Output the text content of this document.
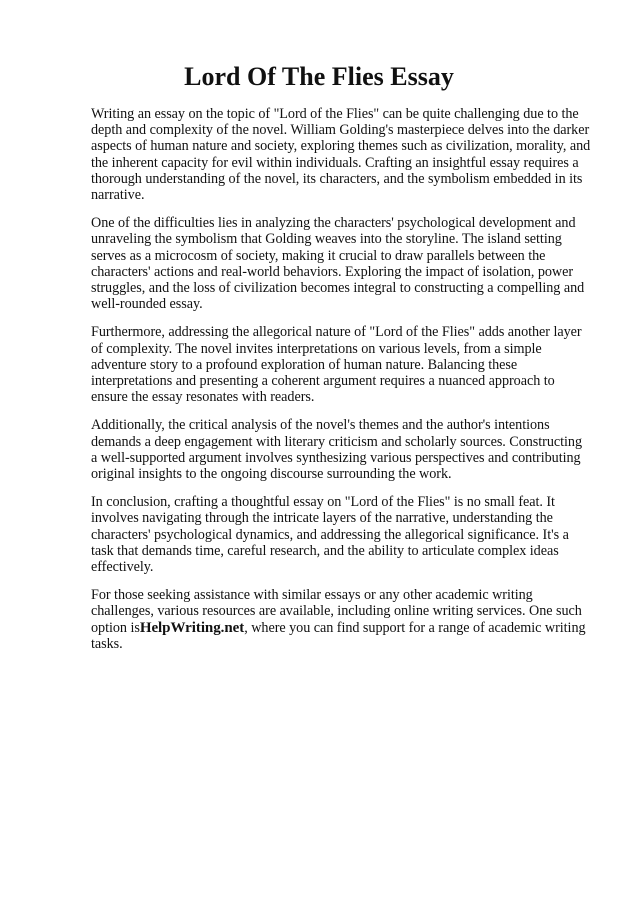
Lord Of The Flies Essay

Writing an essay on the topic of "Lord of the Flies" can be quite challenging due to the depth and complexity of the novel. William Golding's masterpiece delves into the darker aspects of human nature and society, exploring themes such as civilization, morality, and the inherent capacity for evil within individuals. Crafting an insightful essay requires a thorough understanding of the novel, its characters, and the symbolism embedded in its narrative.

One of the difficulties lies in analyzing the characters' psychological development and unraveling the symbolism that Golding weaves into the storyline. The island setting serves as a microcosm of society, making it crucial to draw parallels between the characters' actions and real-world behaviors. Exploring the impact of isolation, power struggles, and the loss of civilization becomes integral to constructing a compelling and well-rounded essay.

Furthermore, addressing the allegorical nature of "Lord of the Flies" adds another layer of complexity. The novel invites interpretations on various levels, from a simple adventure story to a profound exploration of human nature. Balancing these interpretations and presenting a coherent argument requires a nuanced approach to ensure the essay resonates with readers.

Additionally, the critical analysis of the novel's themes and the author's intentions demands a deep engagement with literary criticism and scholarly sources. Constructing a well-supported argument involves synthesizing various perspectives and contributing original insights to the ongoing discourse surrounding the work.

In conclusion, crafting a thoughtful essay on "Lord of the Flies" is no small feat. It involves navigating through the intricate layers of the narrative, understanding the characters' psychological dynamics, and addressing the allegorical significance. It's a task that demands time, careful research, and the ability to articulate complex ideas effectively.

For those seeking assistance with similar essays or any other academic writing challenges, various resources are available, including online writing services. One such option isHelpWriting.net, where you can find support for a range of academic writing tasks.
